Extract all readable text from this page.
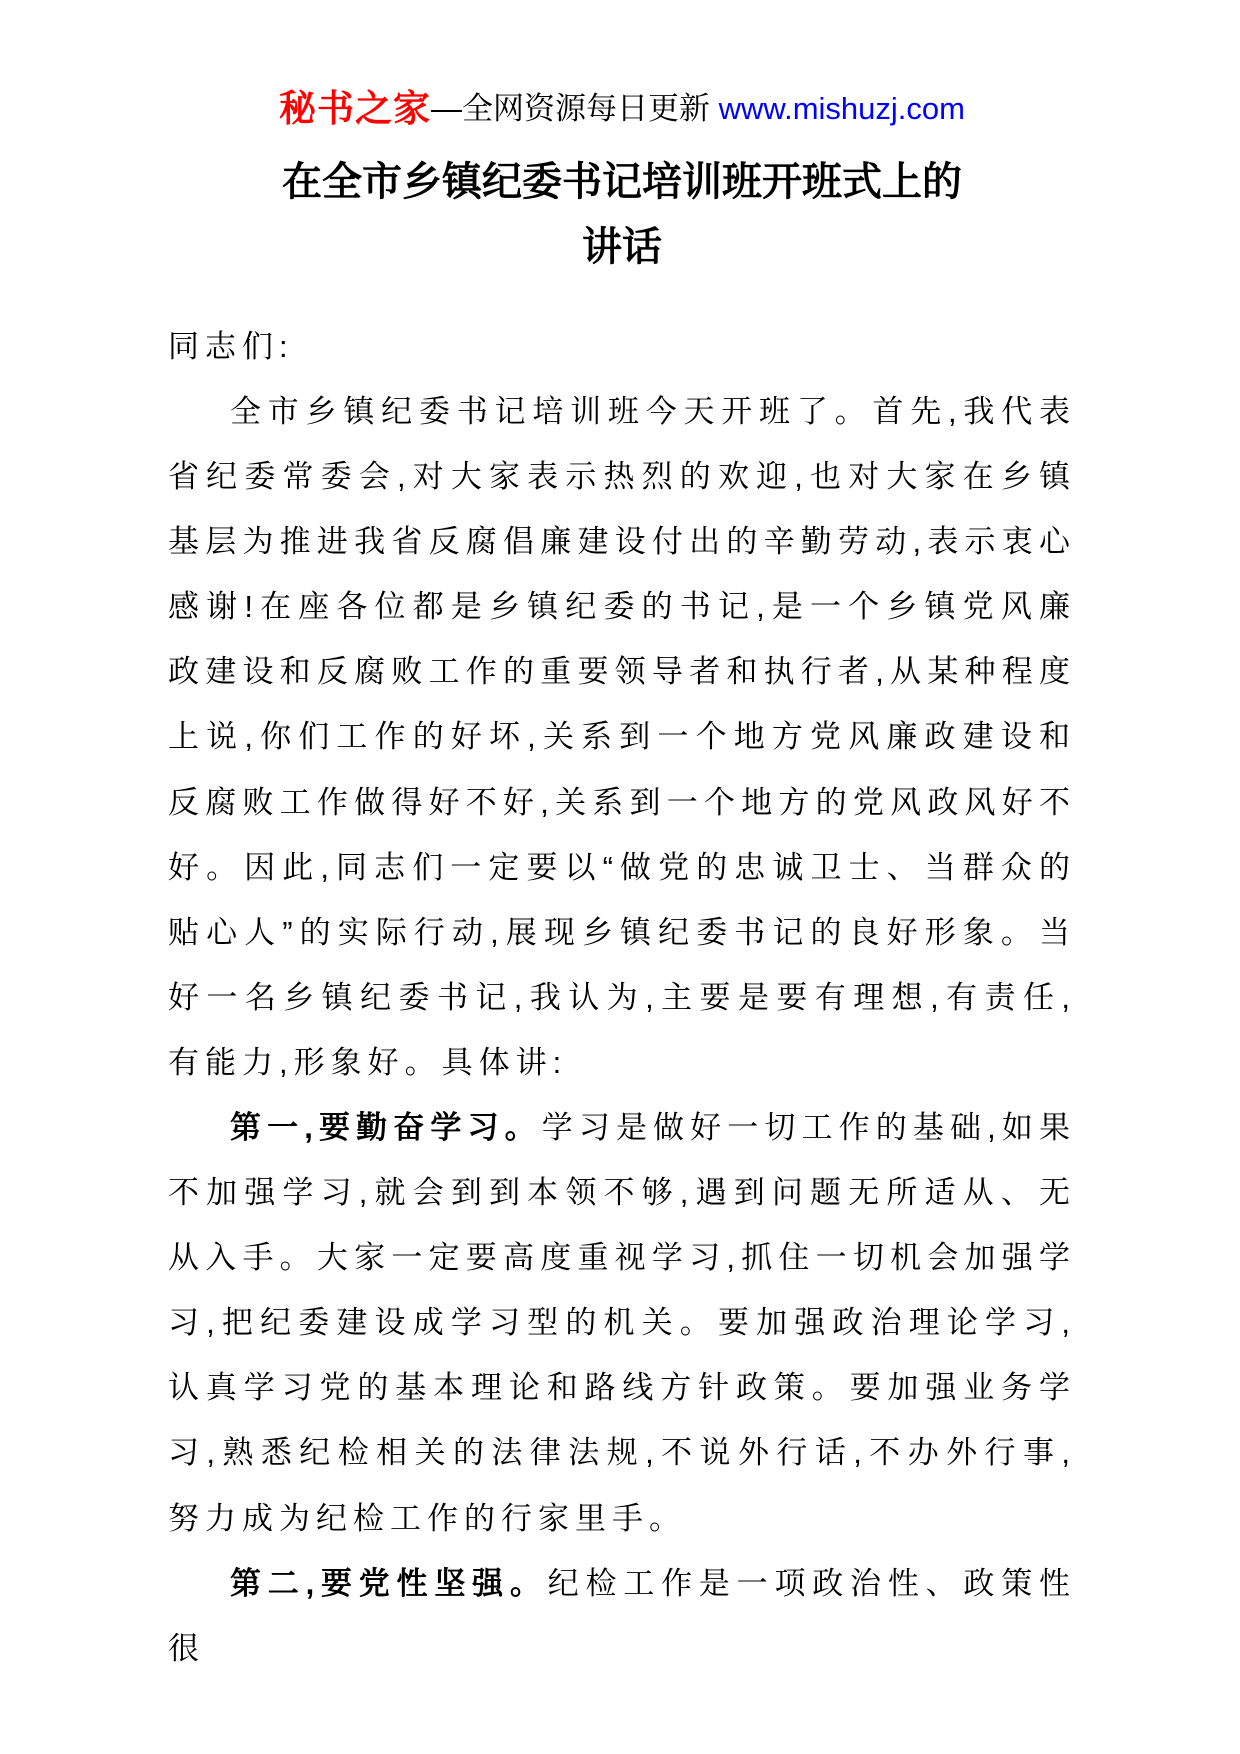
秘书之家—全网资源每日更新 www.mishuzj.com
在全市乡镇纪委书记培训班开班式上的讲话

同志们:

全市乡镇纪委书记培训班今天开班了。首先,我代表省纪委常委会,对大家表示热烈的欢迎,也对大家在乡镇基层为推进我省反腐倡廉建设付出的辛勤劳动,表示衷心感谢!在座各位都是乡镇纪委的书记,是一个乡镇党风廉政建设和反腐败工作的重要领导者和执行者,从某种程度上说,你们工作的好坏,关系到一个地方党风廉政建设和反腐败工作做得好不好,关系到一个地方的党风政风好不好。因此,同志们一定要以“做党的忠诚卫士、当群众的贴心人”的实际行动,展现乡镇纪委书记的良好形象。当好一名乡镇纪委书记,我认为,主要是要有理想,有责任,有能力,形象好。具体讲:

第一,要勤奋学习。学习是做好一切工作的基础,如果不加强学习,就会到到本领不够,遇到问题无所适从、无从入手。大家一定要高度重视学习,抓住一切机会加强学习,把纪委建设成学习型的机关。要加强政治理论学习,认真学习党的基本理论和路线方针政策。要加强业务学习,熟悉纪检相关的法律法规,不说外行话,不办外行事,努力成为纪检工作的行家里手。

第二,要党性坚强。纪检工作是一项政治性、政策性很
